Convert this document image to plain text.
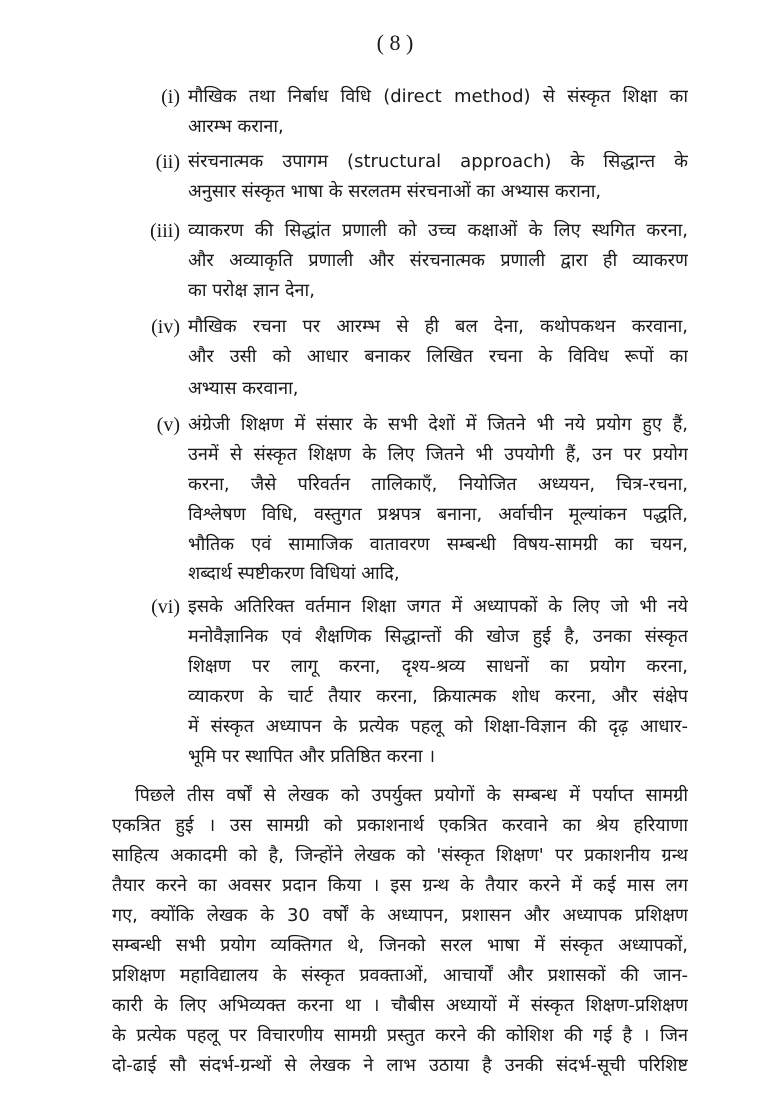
( 8 )
(i) मौखिक तथा निर्बाध विधि (direct method) से संस्कृत शिक्षा का
आरम्भ कराना,
(ii) संरचनात्मक उपागम (structural approach) के सिद्धान्त के
अनुसार संस्कृत भाषा के सरलतम संरचनाओं का अभ्यास कराना,
(iii) व्याकरण की सिद्धांत प्रणाली को उच्च कक्षाओं के लिए स्थगित करना,
और अव्याकृति प्रणाली और संरचनात्मक प्रणाली द्वारा ही व्याकरण
का परोक्ष ज्ञान देना,
(iv) मौखिक रचना पर आरम्भ से ही बल देना, कथोपकथन करवाना,
और उसी को आधार बनाकर लिखित रचना के विविध रूपों का
अभ्यास करवाना,
(v) अंग्रेजी शिक्षण में संसार के सभी देशों में जितने भी नये प्रयोग हुए हैं,
उनमें से संस्कृत शिक्षण के लिए जितने भी उपयोगी हैं, उन पर प्रयोग
करना, जैसे परिवर्तन तालिकाएँ, नियोजित अध्ययन, चित्र-रचना,
विश्लेषण विधि, वस्तुगत प्रश्नपत्र बनाना, अर्वाचीन मूल्यांकन पद्धति,
भौतिक एवं सामाजिक वातावरण सम्बन्धी विषय-सामग्री का चयन,
शब्दार्थ स्पष्टीकरण विधियां आदि,
(vi) इसके अतिरिक्त वर्तमान शिक्षा जगत में अध्यापकों के लिए जो भी नये
मनोवैज्ञानिक एवं शैक्षणिक सिद्धान्तों की खोज हुई है, उनका संस्कृत
शिक्षण पर लागू करना, दृश्य-श्रव्य साधनों का प्रयोग करना,
व्याकरण के चार्ट तैयार करना, क्रियात्मक शोध करना, और संक्षेप
में संस्कृत अध्यापन के प्रत्येक पहलू को शिक्षा-विज्ञान की दृढ़ आधार-
भूमि पर स्थापित और प्रतिष्ठित करना ।
पिछले तीस वर्षों से लेखक को उपर्युक्त प्रयोगों के सम्बन्ध में पर्याप्त सामग्री
एकत्रित हुई । उस सामग्री को प्रकाशनार्थ एकत्रित करवाने का श्रेय हरियाणा
साहित्य अकादमी को है, जिन्होंने लेखक को 'संस्कृत शिक्षण' पर प्रकाशनीय ग्रन्थ
तैयार करने का अवसर प्रदान किया । इस ग्रन्थ के तैयार करने में कई मास लग
गए, क्योंकि लेखक के 30 वर्षों के अध्यापन, प्रशासन और अध्यापक प्रशिक्षण
सम्बन्धी सभी प्रयोग व्यक्तिगत थे, जिनको सरल भाषा में संस्कृत अध्यापकों,
प्रशिक्षण महाविद्यालय के संस्कृत प्रवक्ताओं, आचार्यों और प्रशासकों की जान-
कारी के लिए अभिव्यक्त करना था । चौबीस अध्यायों में संस्कृत शिक्षण-प्रशिक्षण
के प्रत्येक पहलू पर विचारणीय सामग्री प्रस्तुत करने की कोशिश की गई है । जिन
दो-ढाई सौ संदर्भ-ग्रन्थों से लेखक ने लाभ उठाया है उनकी संदर्भ-सूची परिशिष्ट
